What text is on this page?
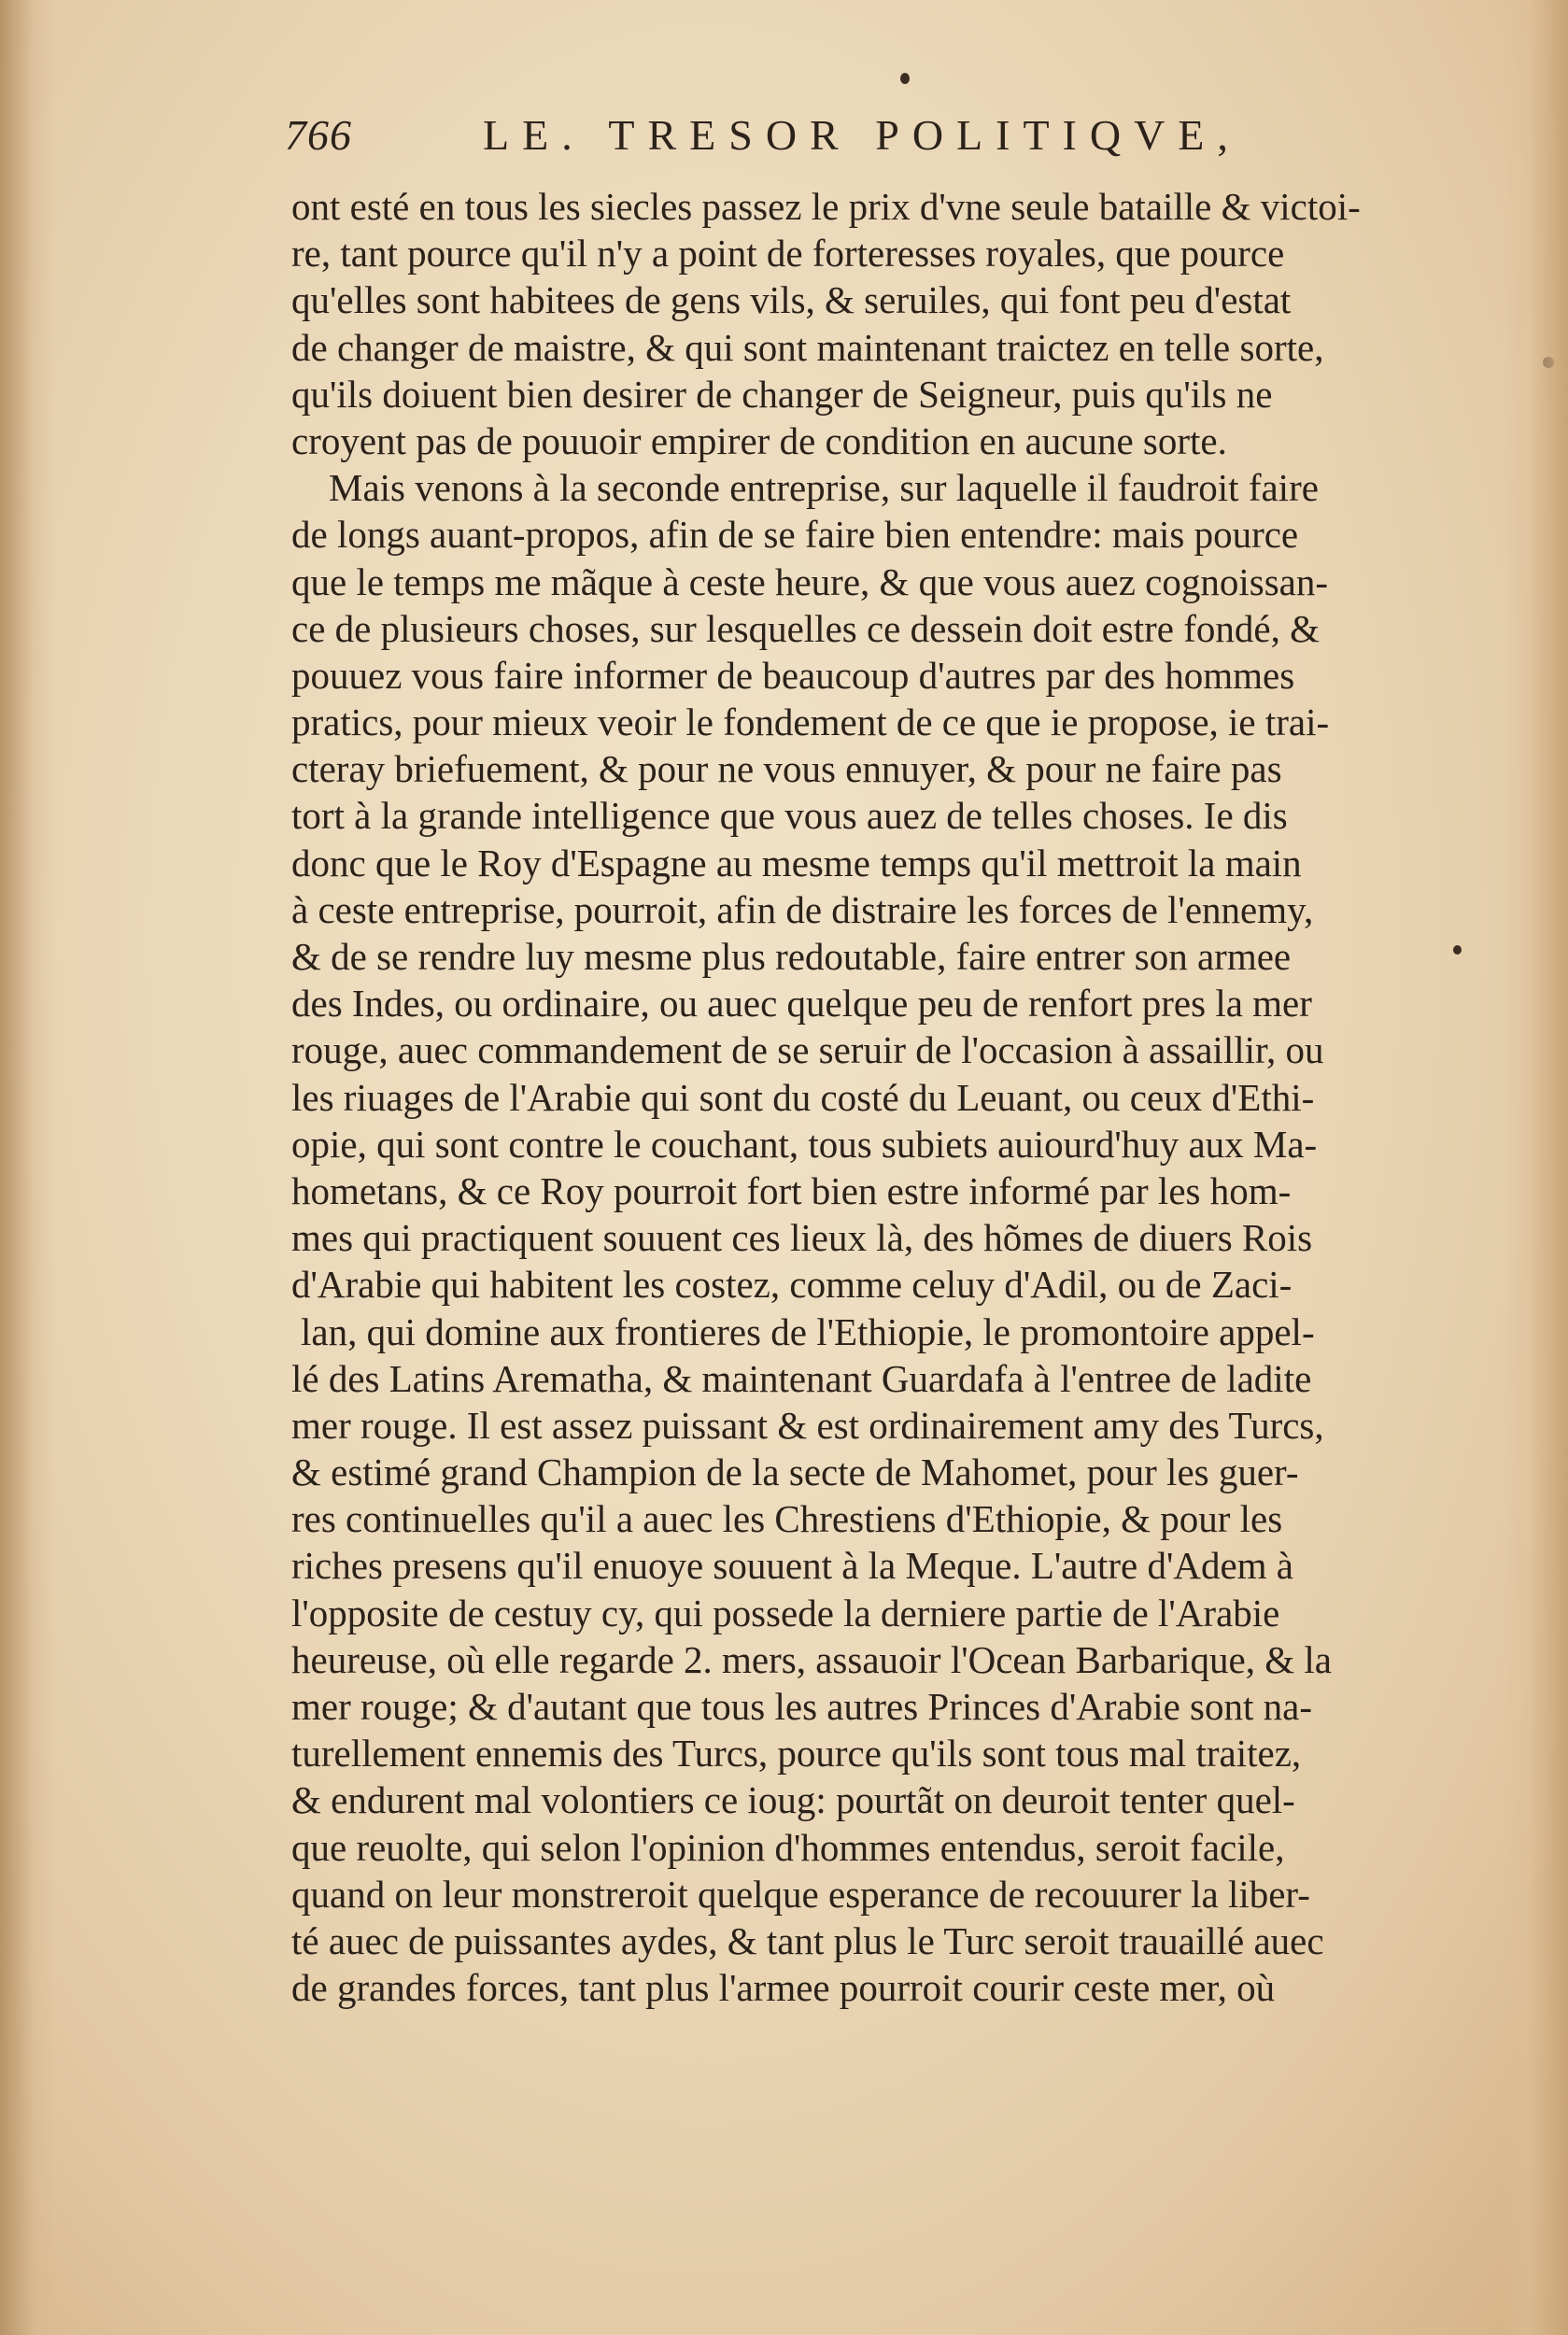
766	LE. TRESOR POLITIQVE,
ont esté en tous les siecles passez le prix d'vne seule bataille & victoi-
re, tant pource qu'il n'y a point de forteresses royales, que pource
qu'elles sont habitees de gens vils, & seruiles, qui font peu d'estat
de changer de maistre, & qui sont maintenant traictez en telle sorte,
qu'ils doiuent bien desirer de changer de Seigneur, puis qu'ils ne
croyent pas de pouuoir empirer de condition en aucune sorte.
Mais venons à la seconde entreprise, sur laquelle il faudroit faire
de longs auant-propos, afin de se faire bien entendre: mais pource
que le temps me mãque à ceste heure, & que vous auez cognoissan-
ce de plusieurs choses, sur lesquelles ce dessein doit estre fondé, &
pouuez vous faire informer de beaucoup d'autres par des hommes
pratics, pour mieux veoir le fondement de ce que ie propose, ie trai-
cteray briefuement, & pour ne vous ennuyer, & pour ne faire pas
tort à la grande intelligence que vous auez de telles choses. Ie dis
donc que le Roy d'Espagne au mesme temps qu'il mettroit la main
à ceste entreprise, pourroit, afin de distraire les forces de l'ennemy,
& de se rendre luy mesme plus redoutable, faire entrer son armee
des Indes, ou ordinaire, ou auec quelque peu de renfort pres la mer
rouge, auec commandement de se seruir de l'occasion à assaillir, ou
les riuages de l'Arabie qui sont du costé du Leuant, ou ceux d'Ethi-
opie, qui sont contre le couchant, tous subiets auiourd'huy aux Ma-
hometans, & ce Roy pourroit fort bien estre informé par les hom-
mes qui practiquent souuent ces lieux là, des hõmes de diuers Rois
d'Arabie qui habitent les costez, comme celuy d'Adil, ou de Zaci-
lan, qui domine aux frontieres de l'Ethiopie, le promontoire appel-
lé des Latins Arematha, & maintenant Guardafa à l'entree de ladite
mer rouge. Il est assez puissant & est ordinairement amy des Turcs,
& estimé grand Champion de la secte de Mahomet, pour les guer-
res continuelles qu'il a auec les Chrestiens d'Ethiopie, & pour les
riches presens qu'il enuoye souuent à la Meque. L'autre d'Adem à
l'opposite de cestuy cy, qui possede la derniere partie de l'Arabie
heureuse, où elle regarde 2. mers, assauoir l'Ocean Barbarique, & la
mer rouge; & d'autant que tous les autres Princes d'Arabie sont na-
turellement ennemis des Turcs, pource qu'ils sont tous mal traitez,
& endurent mal volontiers ce ioug: pourtãt on deuroit tenter quel-
que reuolte, qui selon l'opinion d'hommes entendus, seroit facile,
quand on leur monstreroit quelque esperance de recouurer la liber-
té auec de puissantes aydes, & tant plus le Turc seroit trauaillé auec
de grandes forces, tant plus l'armee pourroit courir ceste mer, où
